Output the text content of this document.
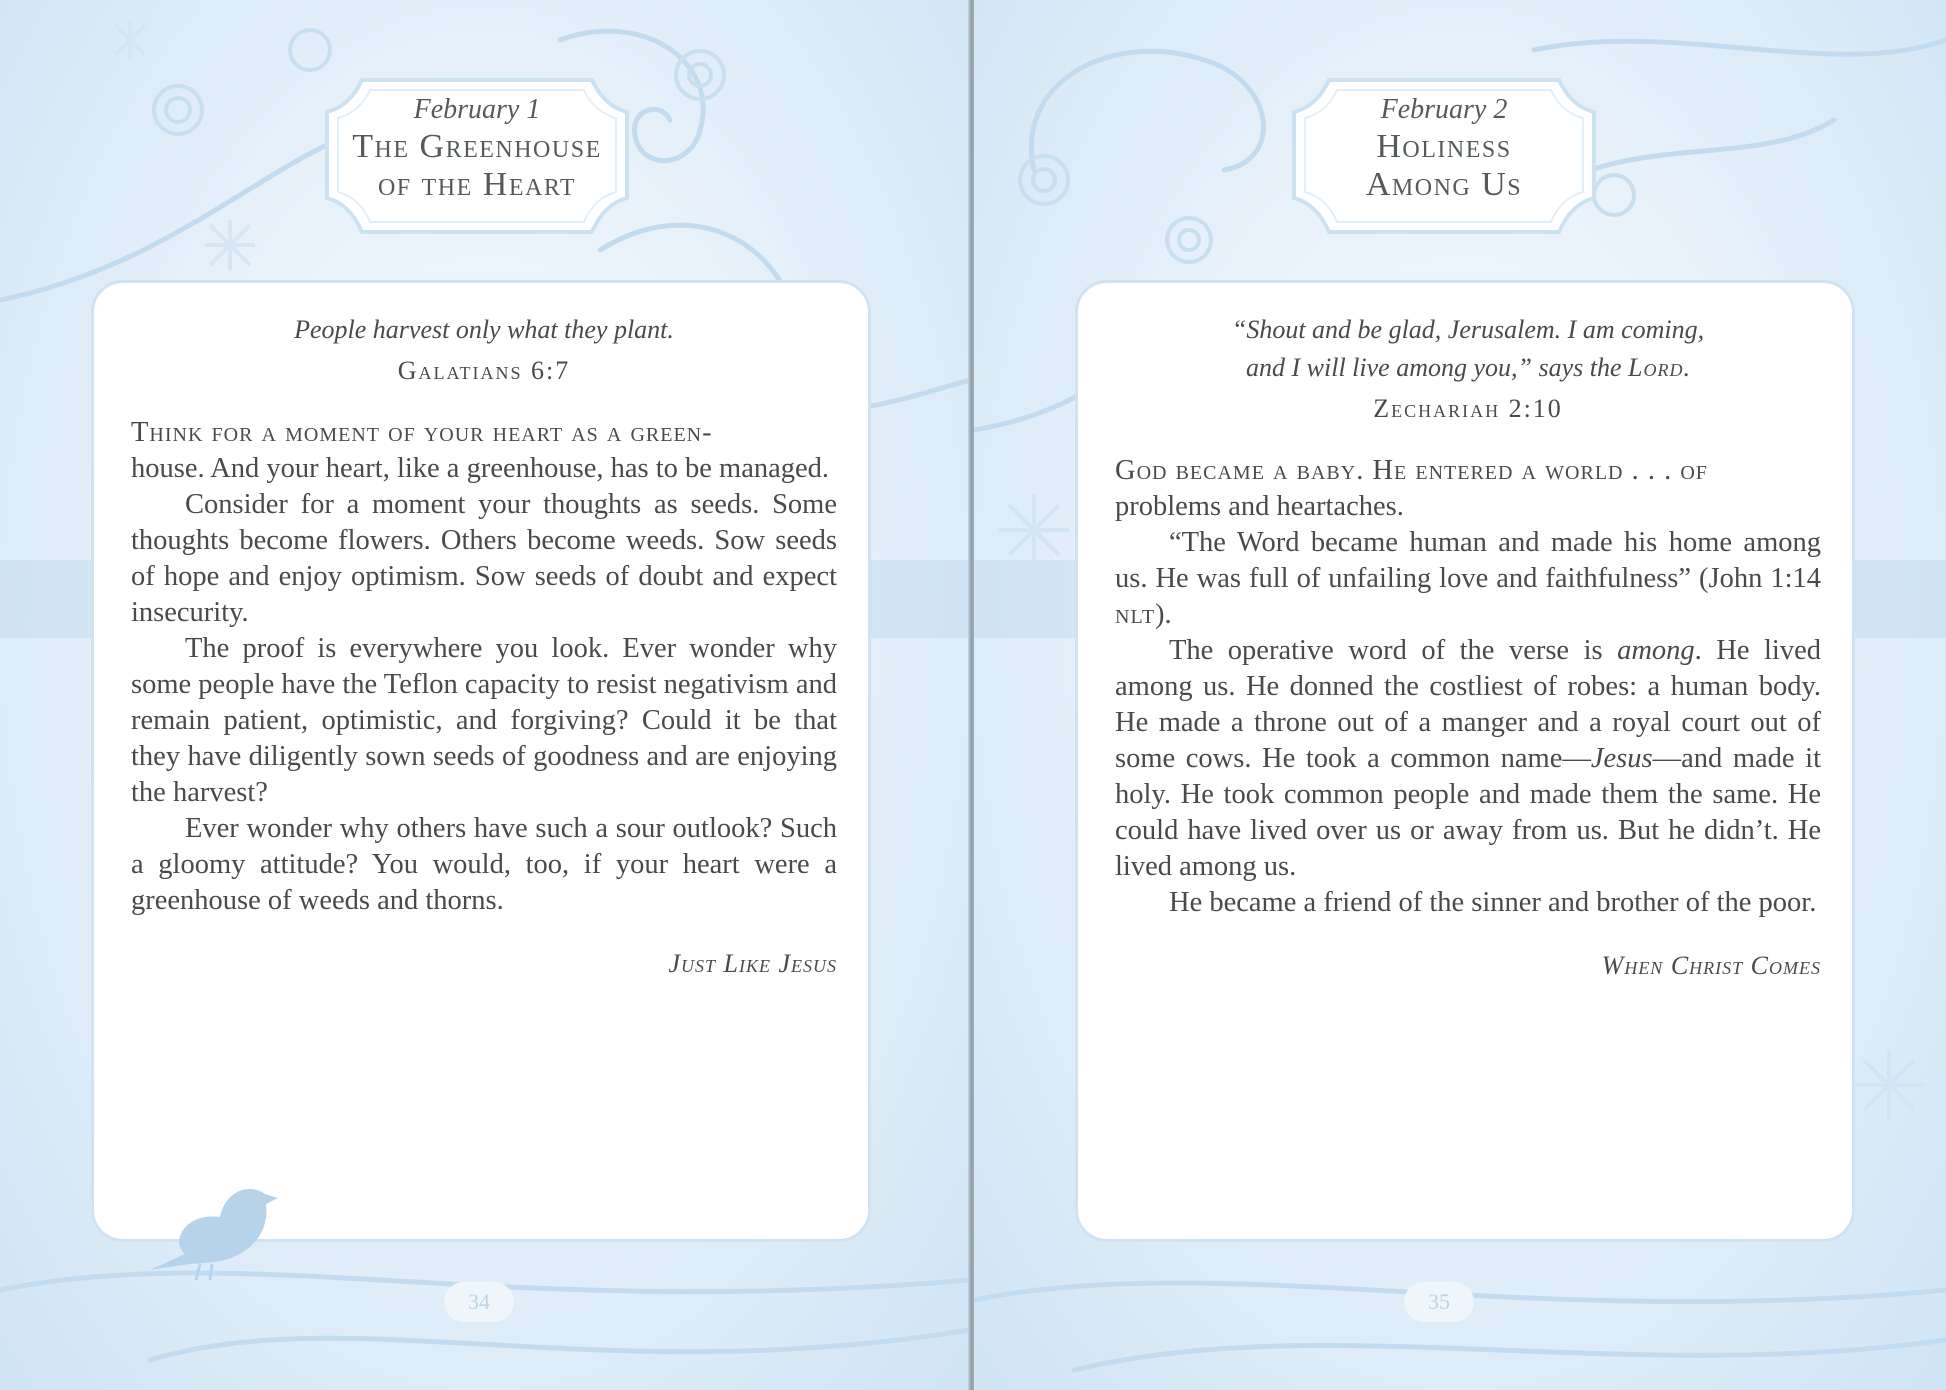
February 1
The Greenhouse
of the Heart

People harvest only what they plant.

Galatians 6:7

Think for a moment of your heart as a green-
house. And your heart, like a greenhouse, has to be managed.

Consider for a moment your thoughts as seeds. Some thoughts become flowers. Others become weeds. Sow seeds of hope and enjoy optimism. Sow seeds of doubt and expect insecurity.

The proof is everywhere you look. Ever wonder why some people have the Teflon capacity to resist negativism and remain patient, optimistic, and forgiving? Could it be that they have diligently sown seeds of goodness and are enjoying the harvest?

Ever wonder why others have such a sour outlook? Such a gloomy attitude? You would, too, if your heart were a greenhouse of weeds and thorns.

Just Like Jesus
34
February 2
Holiness
Among Us

“Shout and be glad, Jerusalem. I am coming,
and I will live among you,” says the Lord.

Zechariah 2:10

God became a baby. He entered a world . . . of
problems and heartaches.

“The Word became human and made his home among us. He was full of unfailing love and faithfulness” (John 1:14 nlt).

The operative word of the verse is among. He lived among us. He donned the costliest of robes: a human body. He made a throne out of a manger and a royal court out of some cows. He took a common name—Jesus—and made it holy. He took common people and made them the same. He could have lived over us or away from us. But he didn’t. He lived among us.

He became a friend of the sinner and brother of the poor.

When Christ Comes
35
